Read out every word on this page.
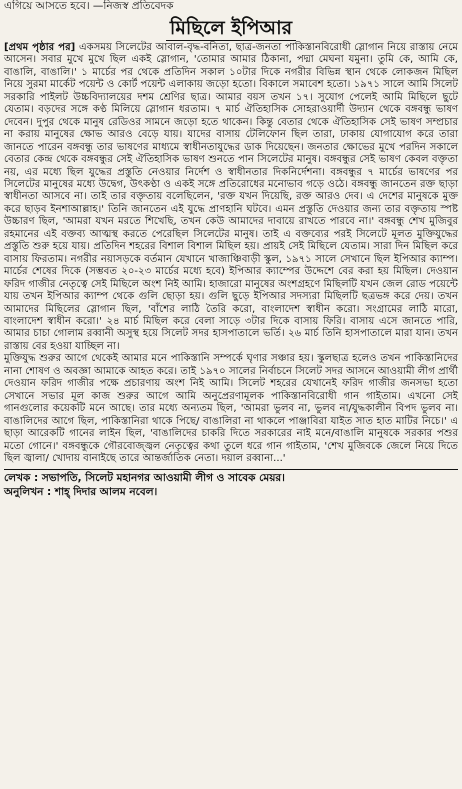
এগিয়ে আসতে হবে। —নিজস্ব প্রতিবেদক
মিছিলে ইপিআর

[প্রথম পৃষ্ঠার পর] একসময় সিলেটের আবাল-বৃদ্ধ-বনিতা, ছাত্র-জনতা পাকিস্তানবিরোধী স্লোগান নিয়ে রাস্তায় নেমে আসেন। সবার মুখে মুখে ছিল একই স্লোগান, 'তোমার আমার ঠিকানা, পদ্মা মেঘনা যমুনা। তুমি কে, আমি কে, বাঙালি, বাঙালি।' ১ মার্চের পর থেকে প্রতিদিন সকাল ১০টার দিকে নগরীর বিভিন্ন স্থান থেকে লোকজন মিছিল নিয়ে সুরমা মার্কেট পয়েন্ট ও কোর্ট পয়েন্ট এলাকায় জড়ো হতো। বিকালে সমাবেশ হতো। ১৯৭১ সালে আমি সিলেট সরকারি পাইলট উচ্চবিদ্যালয়ের দশম শ্রেণির ছাত্র। আমার বয়স তখন ১৭। সুযোগ পেলেই আমি মিছিলে ছুটে যেতাম। বড়দের সঙ্গে কণ্ঠ মিলিয়ে স্লোগান ধরতাম। ৭ মার্চ ঐতিহাসিক সোহরাওয়ার্দী উদ্যান থেকে বঙ্গবন্ধু ভাষণ দেবেন। দুপুর থেকে মানুষ রেডিওর সামনে জড়ো হতে থাকেন। কিন্তু বেতার থেকে ঐতিহাসিক সেই ভাষণ সম্প্রচার না করায় মানুষের ক্ষোভ আরও বেড়ে যায়। যাদের বাসায় টেলিফোন ছিল তারা, ঢাকায় যোগাযোগ করে তারা জানতে পারেন বঙ্গবন্ধু তার ভাষণের মাধ্যমে স্বাধীনতাযুদ্ধের ডাক দিয়েছেন। জনতার ক্ষোভের মুখে পরদিন সকালে বেতার কেন্দ্র থেকে বঙ্গবন্ধুর সেই ঐতিহাসিক ভাষণ শুনতে পান সিলেটের মানুষ। বঙ্গবন্ধুর সেই ভাষণ কেবল বক্তৃতা নয়, এর মধ্যে ছিল যুদ্ধের প্রস্তুতি নেওয়ার নির্দেশ ও স্বাধীনতার দিকনির্দেশনা। বঙ্গবন্ধুর ৭ মার্চের ভাষণের পর সিলেটের মানুষের মধ্যে উদ্বেগ, উৎকণ্ঠা ও একই সঙ্গে প্রতিরোধের মনোভাব গড়ে ওঠে। বঙ্গবন্ধু জানতেন রক্ত ছাড়া স্বাধীনতা আসবে না। তাই তার বক্তৃতায় বলেছিলেন, 'রক্ত যখন দিয়েছি, রক্ত আরও দেব। এ দেশের মানুষকে মুক্ত করে ছাড়ব ইনশাআল্লাহ।' তিনি জানতেন এই যুদ্ধে প্রাণহানি ঘটবে। এমন প্রস্তুতি দেওয়ার জন্য তার বক্তৃতায় স্পষ্ট উচ্চারণ ছিল, 'আমরা যখন মরতে শিখেছি, তখন কেউ আমাদের দাবায়ে রাখতে পারবে না।' বঙ্গবন্ধু শেখ মুজিবুর রহমানের এই বক্তব্য আত্মস্থ করতে পেরেছিল সিলেটের মানুষ। তাই এ বক্তব্যের পরই সিলেটে মূলত মুক্তিযুদ্ধের প্রস্তুতি শুরু হয়ে যায়। প্রতিদিন শহরের বিশাল বিশাল মিছিল হয়। প্রায়ই সেই মিছিলে যেতাম। সারা দিন মিছিল করে বাসায় ফিরতাম। নগরীর নয়াসড়কে বর্তমান যেখানে খাজাঞ্চিবাড়ী স্কুল, ১৯৭১ সালে সেখানে ছিল ইপিআর ক্যাম্প। মার্চের শেষের দিকে (সম্ভবত ২০-২৩ মার্চের মধ্যে হবে) ইপিআর ক্যাম্পের উদ্দেশে বের করা হয় মিছিল। দেওয়ান ফরিদ গাজীর নেতৃত্বে সেই মিছিলে অংশ নিই আমি। হাজারো মানুষের অংশগ্রহণে মিছিলটি যখন জেল রোড পয়েন্টে যায় তখন ইপিআর ক্যাম্প থেকে গুলি ছোড়া হয়। গুলি ছুড়ে ইপিআর সদস্যরা মিছিলটি ছত্রভঙ্গ করে দেয়। তখন আমাদের মিছিলের স্লোগান ছিল, 'বাঁশের লাঠি তৈরি করো, বাংলাদেশ স্বাধীন করো। সংগ্রামের লাঠি মারো, বাংলাদেশ স্বাধীন করো।' ২৪ মার্চ মিছিল করে বেলা সাড়ে ৩টার দিকে বাসায় ফিরি। বাসায় এসে জানতে পারি, আমার চাচা গোলাম রব্বানী অসুস্থ হয়ে সিলেট সদর হাসপাতালে ভর্তি। ২৬ মার্চ তিনি হাসপাতালে মারা যান। তখন রাস্তায় বের হওয়া যাচ্ছিল না।

মুক্তিযুদ্ধ শুরুর আগে থেকেই আমার মনে পাকিস্তানি সম্পর্কে ঘৃণার সঞ্চার হয়। স্কুলছাত্র হলেও তখন পাকিস্তানিদের নানা শোষণ ও অবজ্ঞা আমাকে আহত করে। তাই ১৯৭০ সালের নির্বাচনে সিলেট সদর আসনে আওয়ামী লীগ প্রার্থী দেওয়ান ফরিদ গাজীর পক্ষে প্রচারণায় অংশ নিই আমি। সিলেট শহরের যেখানেই ফরিদ গাজীর জনসভা হতো সেখানে সভার মূল কাজ শুরুর আগে আমি অনুপ্রেরণামূলক পাকিস্তানবিরোধী গান গাইতাম। এখনো সেই গানগুলোর কয়েকটি মনে আছে। তার মধ্যে অন্যতম ছিল, 'আমরা ভুলব না, ভুলব না/যুদ্ধকালীন বিপদ ভুলব না। বাঙালিদের আগে ছিল, পাকিস্তানিরা থাকে পিছে/ বাঙালিরা না থাকলে পাঞ্জাবিরা যাইত সাত হাত মাটির নিচে।' এ ছাড়া আরেকটি গানের লাইন ছিল, 'বাঙালিদের চাকরি দিতে সরকারের নাই মনে/বাঙালি মানুষকে সরকার পশুর মতো গোনে।' বঙ্গবন্ধুকে গৌরবোজ্জ্বল নেতৃত্বের কথা তুলে ধরে গান গাইতাম, 'শেখ মুজিবকে জেলে নিয়ে দিতে ছিল জ্বালা/ খোদায় বানাইছে তারে আন্তর্জাতিক নেতা। দয়াল রব্বানা...'

লেখক : সভাপতি, সিলেট মহানগর আওয়ামী লীগ ও সাবেক মেয়র।
অনুলিখন : শাহ্ দিদার আলম নবেল।
